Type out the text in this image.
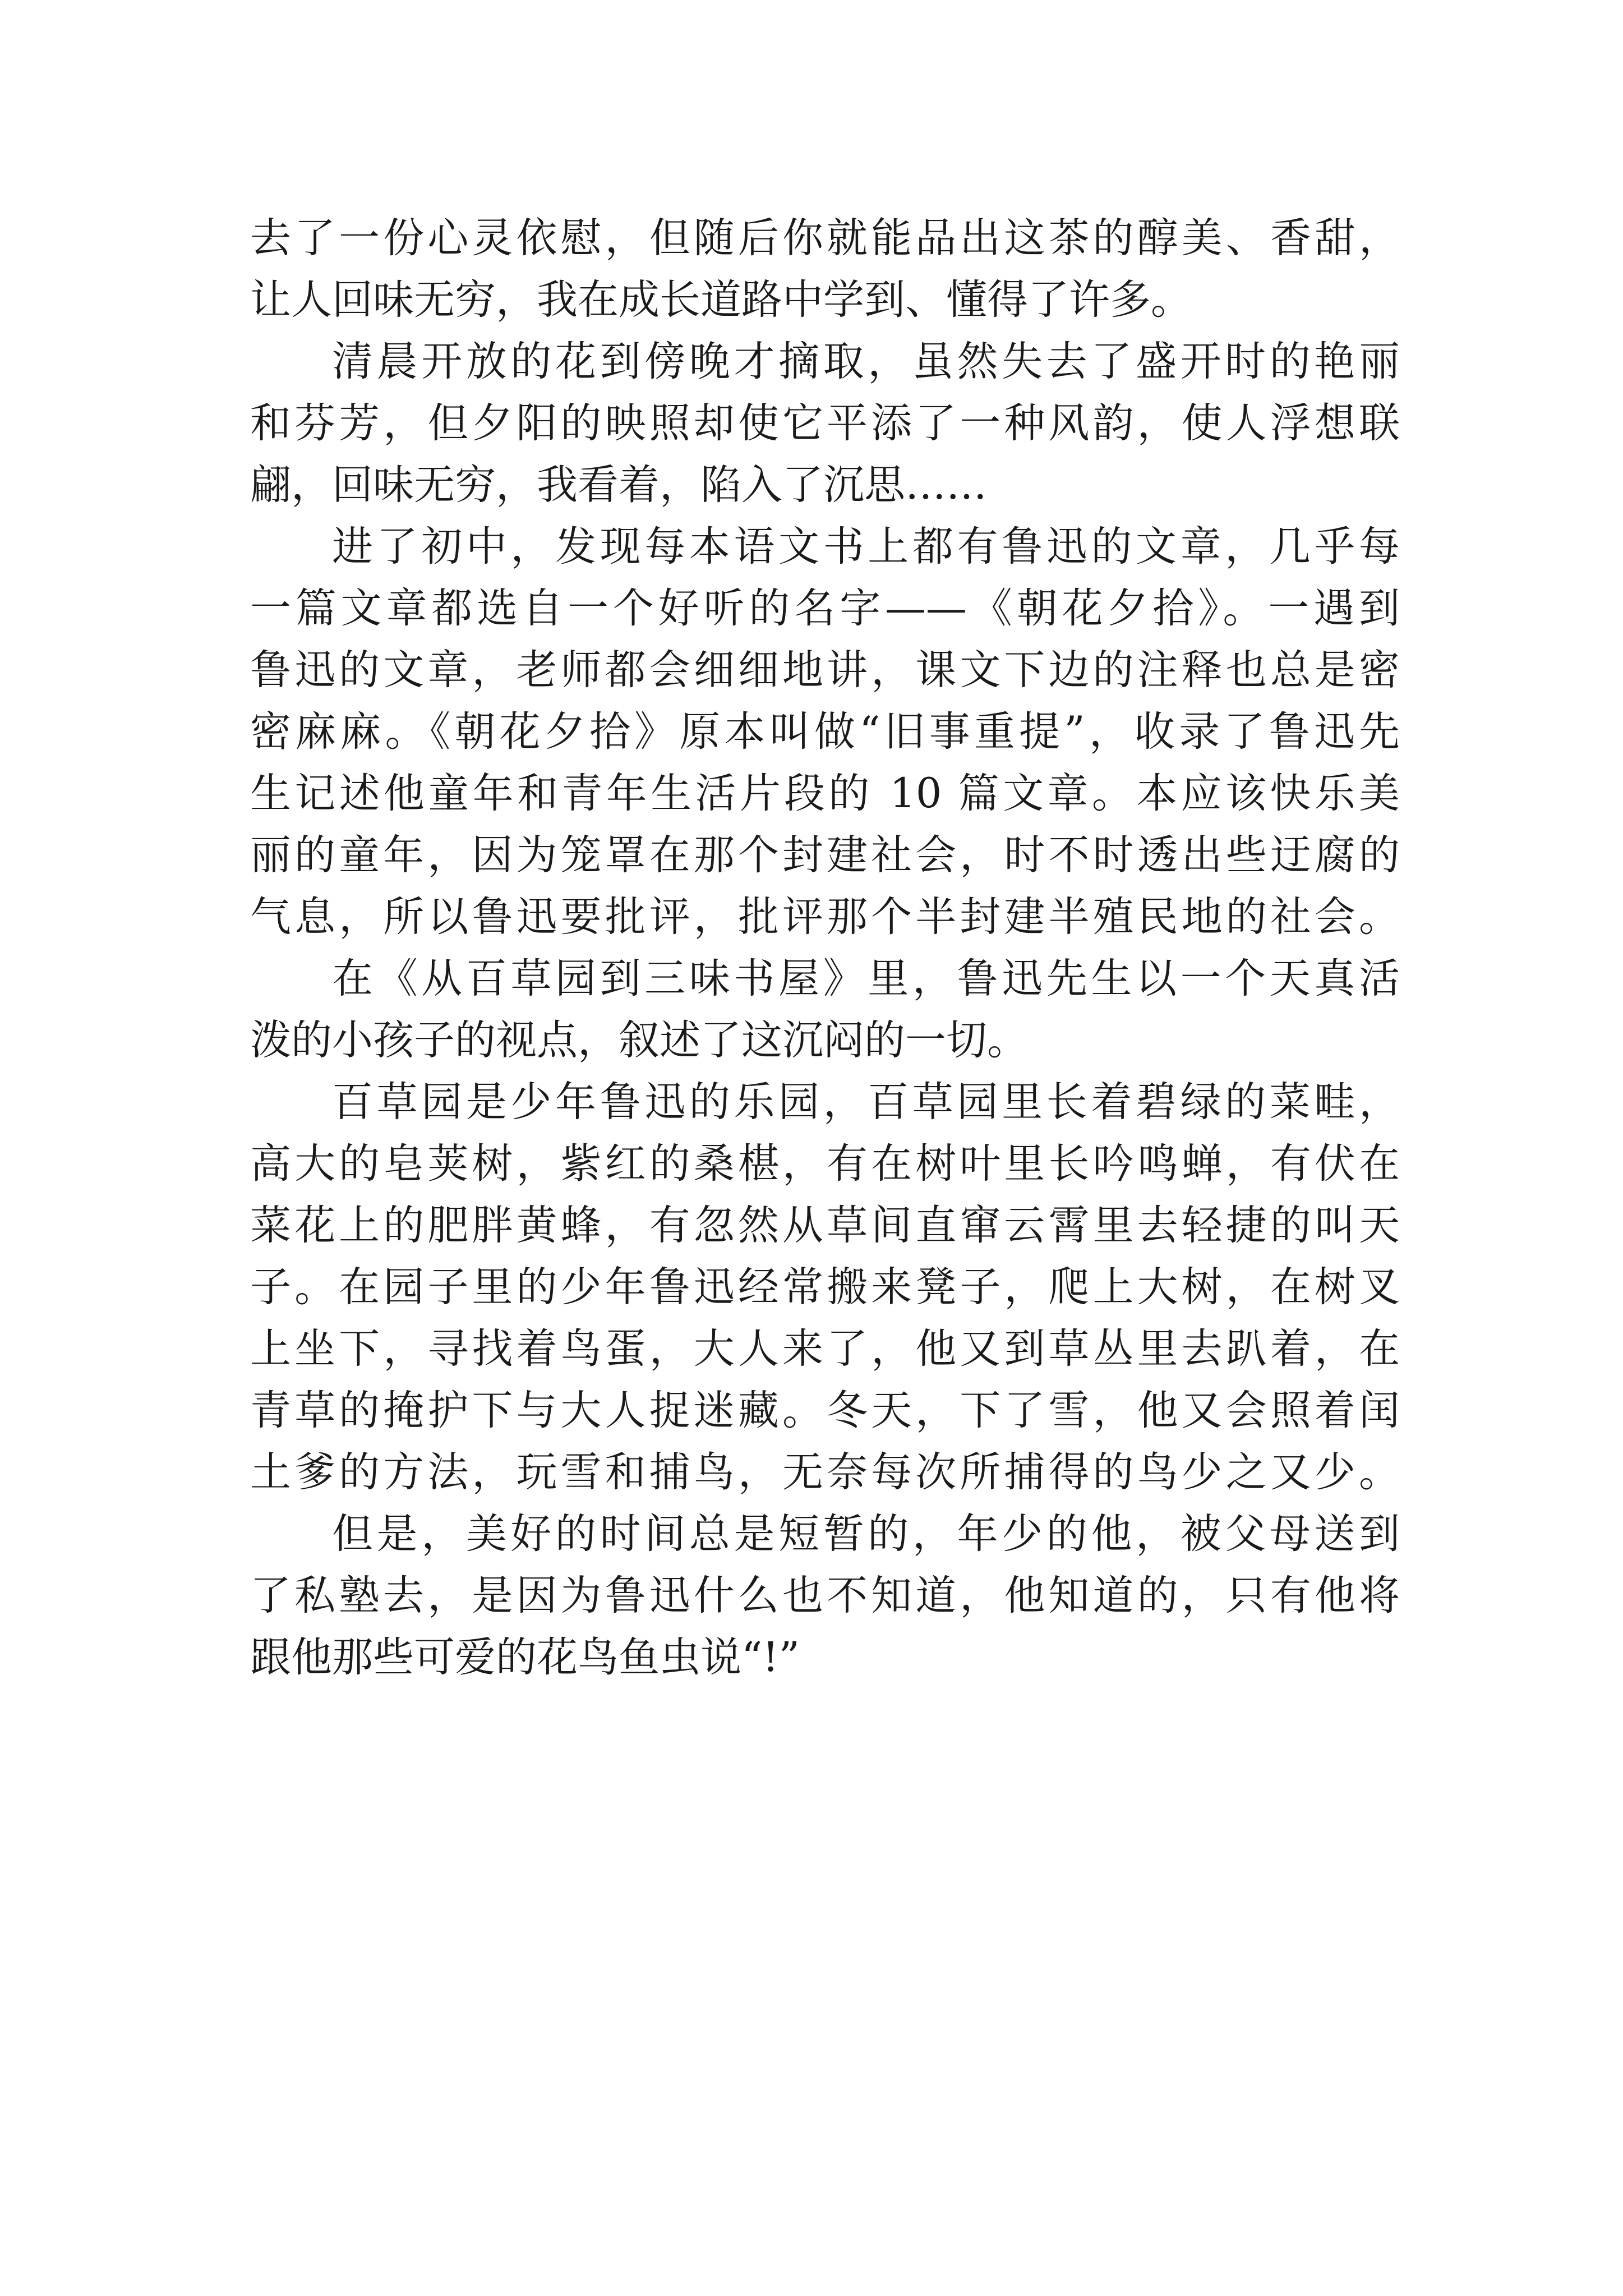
去了一份心灵依慰，但随后你就能品出这茶的醇美、香甜，
让人回味无穷，我在成长道路中学到、懂得了许多。
清晨开放的花到傍晚才摘取，虽然失去了盛开时的艳丽
和芬芳，但夕阳的映照却使它平添了一种风韵，使人浮想联
翩，回味无穷，我看着，陷入了沉思……
进了初中，发现每本语文书上都有鲁迅的文章，几乎每
一篇文章都选自一个好听的名字——《朝花夕拾》。一遇到
鲁迅的文章，老师都会细细地讲，课文下边的注释也总是密
密麻麻。《朝花夕拾》原本叫做“旧事重提”，收录了鲁迅先
生记述他童年和青年生活片段的 10 篇文章。本应该快乐美
丽的童年，因为笼罩在那个封建社会，时不时透出些迂腐的
气息，所以鲁迅要批评，批评那个半封建半殖民地的社会。
在《从百草园到三味书屋》里，鲁迅先生以一个天真活
泼的小孩子的视点，叙述了这沉闷的一切。
百草园是少年鲁迅的乐园，百草园里长着碧绿的菜畦，
高大的皂荚树，紫红的桑椹，有在树叶里长吟鸣蝉，有伏在
菜花上的肥胖黄蜂，有忽然从草间直窜云霄里去轻捷的叫天
子。在园子里的少年鲁迅经常搬来凳子，爬上大树，在树叉
上坐下，寻找着鸟蛋，大人来了，他又到草丛里去趴着，在
青草的掩护下与大人捉迷藏。冬天，下了雪，他又会照着闰
土爹的方法，玩雪和捕鸟，无奈每次所捕得的鸟少之又少。
但是，美好的时间总是短暂的，年少的他，被父母送到
了私塾去，是因为鲁迅什么也不知道，他知道的，只有他将
跟他那些可爱的花鸟鱼虫说“!”
